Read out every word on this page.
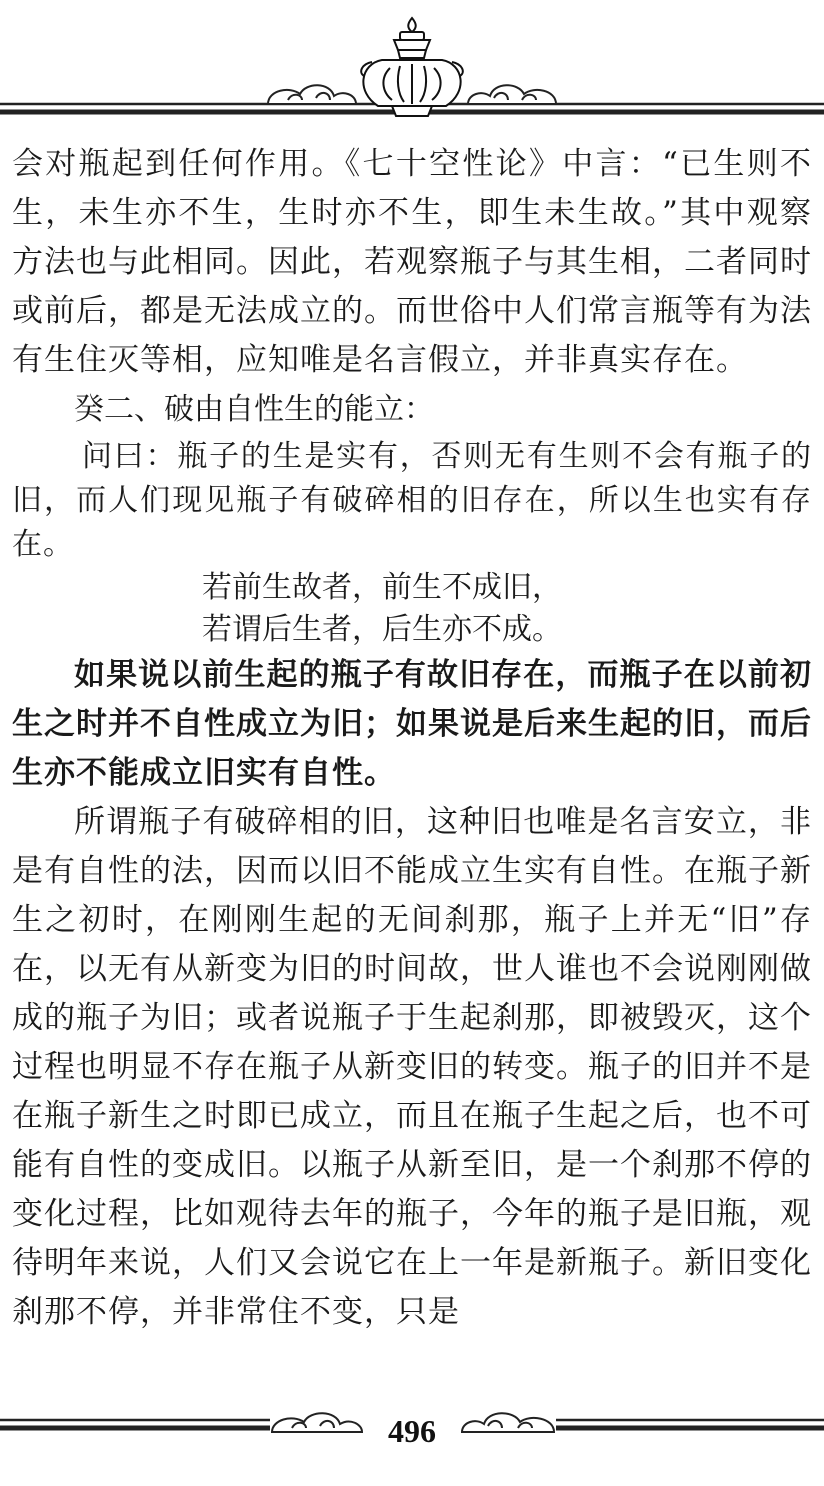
会对瓶起到任何作用。《七十空性论》中言：“已生则不生，未生亦不生，生时亦不生，即生未生故。”其中观察方法也与此相同。因此，若观察瓶子与其生相，二者同时或前后，都是无法成立的。而世俗中人们常言瓶等有为法有生住灭等相，应知唯是名言假立，并非真实存在。

癸二、破由自性生的能立：

问曰：瓶子的生是实有，否则无有生则不会有瓶子的旧，而人们现见瓶子有破碎相的旧存在，所以生也实有存在。

若前生故者，前生不成旧，

若谓后生者，后生亦不成。

如果说以前生起的瓶子有故旧存在，而瓶子在以前初生之时并不自性成立为旧；如果说是后来生起的旧，而后生亦不能成立旧实有自性。

所谓瓶子有破碎相的旧，这种旧也唯是名言安立，非是有自性的法，因而以旧不能成立生实有自性。在瓶子新生之初时，在刚刚生起的无间刹那，瓶子上并无“旧”存在，以无有从新变为旧的时间故，世人谁也不会说刚刚做成的瓶子为旧；或者说瓶子于生起刹那，即被毁灭，这个过程也明显不存在瓶子从新变旧的转变。瓶子的旧并不是在瓶子新生之时即已成立，而且在瓶子生起之后，也不可能有自性的变成旧。以瓶子从新至旧，是一个刹那不停的变化过程，比如观待去年的瓶子，今年的瓶子是旧瓶，观待明年来说，人们又会说它在上一年是新瓶子。新旧变化刹那不停，并非常住不变，只是

496
